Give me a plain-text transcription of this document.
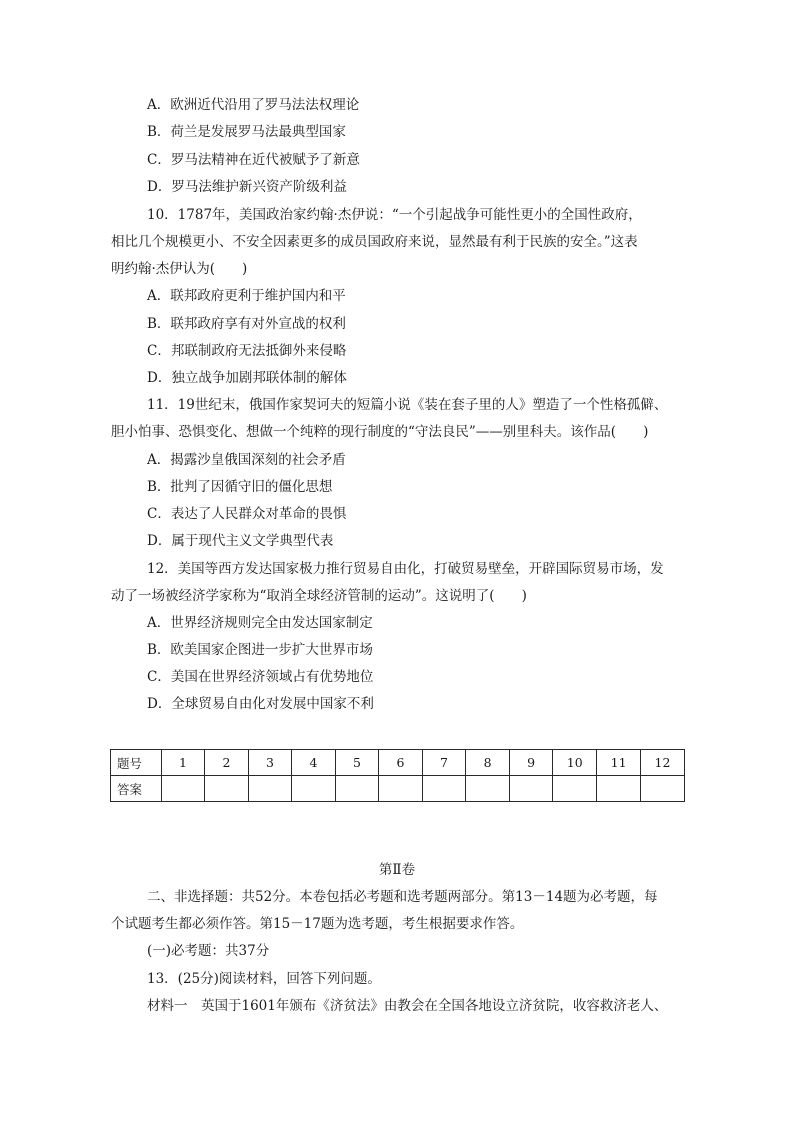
A．欧洲近代沿用了罗马法法权理论
B．荷兰是发展罗马法最典型国家
C．罗马法精神在近代被赋予了新意
D．罗马法维护新兴资产阶级利益
10．1787年，美国政治家约翰·杰伊说：“一个引起战争可能性更小的全国性政府，
相比几个规模更小、不安全因素更多的成员国政府来说，显然最有利于民族的安全。”这表
明约翰·杰伊认为(　　)
A．联邦政府更利于维护国内和平
B．联邦政府享有对外宣战的权利
C．邦联制政府无法抵御外来侵略
D．独立战争加剧邦联体制的解体
11．19世纪末，俄国作家契诃夫的短篇小说《装在套子里的人》塑造了一个性格孤僻、
胆小怕事、恐惧变化、想做一个纯粹的现行制度的“守法良民”——别里科夫。该作品(　　)
A．揭露沙皇俄国深刻的社会矛盾
B．批判了因循守旧的僵化思想
C．表达了人民群众对革命的畏惧
D．属于现代主义文学典型代表
12．美国等西方发达国家极力推行贸易自由化，打破贸易壁垒，开辟国际贸易市场，发
动了一场被经济学家称为“取消全球经济管制的运动”。这说明了(　　)
A．世界经济规则完全由发达国家制定
B．欧美国家企图进一步扩大世界市场
C．美国在世界经济领域占有优势地位
D．全球贸易自由化对发展中国家不利
题号	1	2	3	4	5	6	7	8	9	10	11	12
答案												
第Ⅱ卷
二、非选择题：共52分。本卷包括必考题和选考题两部分。第13－14题为必考题，每
个试题考生都必须作答。第15－17题为选考题，考生根据要求作答。
(一)必考题：共37分
13．(25分)阅读材料，回答下列问题。
材料一　英国于1601年颁布《济贫法》由教会在全国各地设立济贫院，收容救济老人、
